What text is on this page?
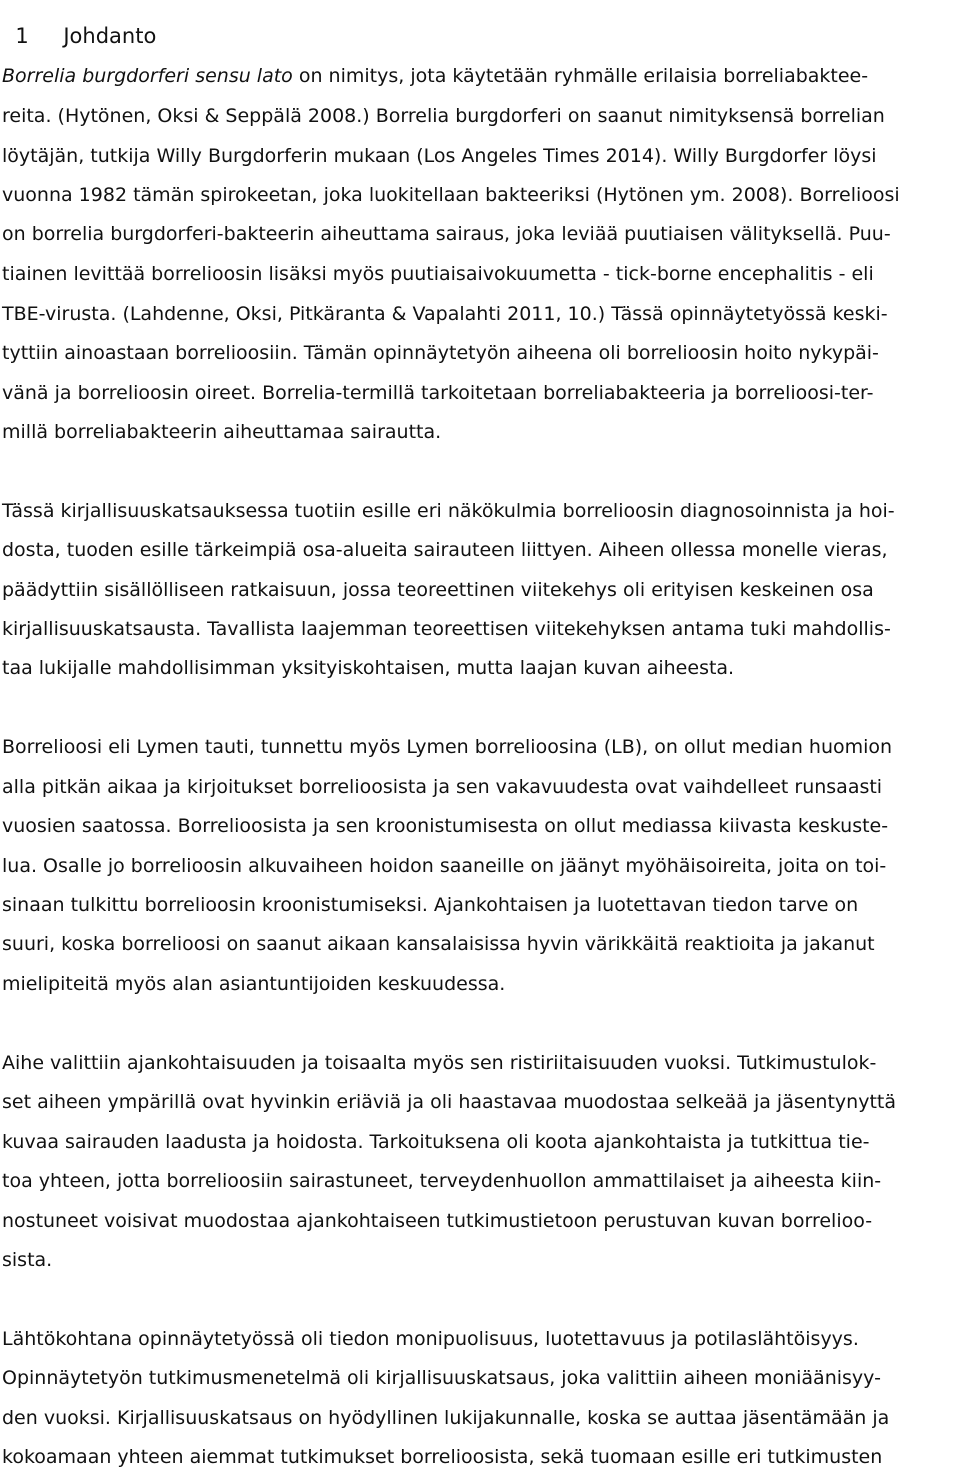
1 Johdanto

Borrelia burgdorferi sensu lato on nimitys, jota käytetään ryhmälle erilaisia borreliabaktee-
reita. (Hytönen, Oksi & Seppälä 2008.) Borrelia burgdorferi on saanut nimityksensä borrelian
löytäjän, tutkija Willy Burgdorferin mukaan (Los Angeles Times 2014). Willy Burgdorfer löysi
vuonna 1982 tämän spirokeetan, joka luokitellaan bakteeriksi (Hytönen ym. 2008). Borrelioosi
on borrelia burgdorferi-bakteerin aiheuttama sairaus, joka leviää puutiaisen välityksellä. Puu-
tiainen levittää borrelioosin lisäksi myös puutiaisaivokuumetta - tick-borne encephalitis - eli
TBE-virusta. (Lahdenne, Oksi, Pitkäranta & Vapalahti 2011, 10.) Tässä opinnäytetyössä keski-
tyttiin ainoastaan borrelioosiin. Tämän opinnäytetyön aiheena oli borrelioosin hoito nykypäi-
vänä ja borrelioosin oireet. Borrelia-termillä tarkoitetaan borreliabakteeria ja borrelioosi-ter-
millä borreliabakteerin aiheuttamaa sairautta.
Tässä kirjallisuuskatsauksessa tuotiin esille eri näkökulmia borrelioosin diagnosoinnista ja hoi-
dosta, tuoden esille tärkeimpiä osa-alueita sairauteen liittyen. Aiheen ollessa monelle vieras,
päädyttiin sisällölliseen ratkaisuun, jossa teoreettinen viitekehys oli erityisen keskeinen osa
kirjallisuuskatsausta. Tavallista laajemman teoreettisen viitekehyksen antama tuki mahdollis-
taa lukijalle mahdollisimman yksityiskohtaisen, mutta laajan kuvan aiheesta.
Borrelioosi eli Lymen tauti, tunnettu myös Lymen borrelioosina (LB), on ollut median huomion
alla pitkän aikaa ja kirjoitukset borrelioosista ja sen vakavuudesta ovat vaihdelleet runsaasti
vuosien saatossa. Borrelioosista ja sen kroonistumisesta on ollut mediassa kiivasta keskuste-
lua. Osalle jo borrelioosin alkuvaiheen hoidon saaneille on jäänyt myöhäisoireita, joita on toi-
sinaan tulkittu borrelioosin kroonistumiseksi. Ajankohtaisen ja luotettavan tiedon tarve on
suuri, koska borrelioosi on saanut aikaan kansalaisissa hyvin värikkäitä reaktioita ja jakanut
mielipiteitä myös alan asiantuntijoiden keskuudessa.
Aihe valittiin ajankohtaisuuden ja toisaalta myös sen ristiriitaisuuden vuoksi. Tutkimustulok-
set aiheen ympärillä ovat hyvinkin eriäviä ja oli haastavaa muodostaa selkeää ja jäsentynyttä
kuvaa sairauden laadusta ja hoidosta. Tarkoituksena oli koota ajankohtaista ja tutkittua tie-
toa yhteen, jotta borrelioosiin sairastuneet, terveydenhuollon ammattilaiset ja aiheesta kiin-
nostuneet voisivat muodostaa ajankohtaiseen tutkimustietoon perustuvan kuvan borrelioo-
sista.
Lähtökohtana opinnäytetyössä oli tiedon monipuolisuus, luotettavuus ja potilaslähtöisyys.
Opinnäytetyön tutkimusmenetelmä oli kirjallisuuskatsaus, joka valittiin aiheen moniäänisyy-
den vuoksi. Kirjallisuuskatsaus on hyödyllinen lukijakunnalle, koska se auttaa jäsentämään ja
kokoamaan yhteen aiemmat tutkimukset borrelioosista, sekä tuomaan esille eri tutkimusten
